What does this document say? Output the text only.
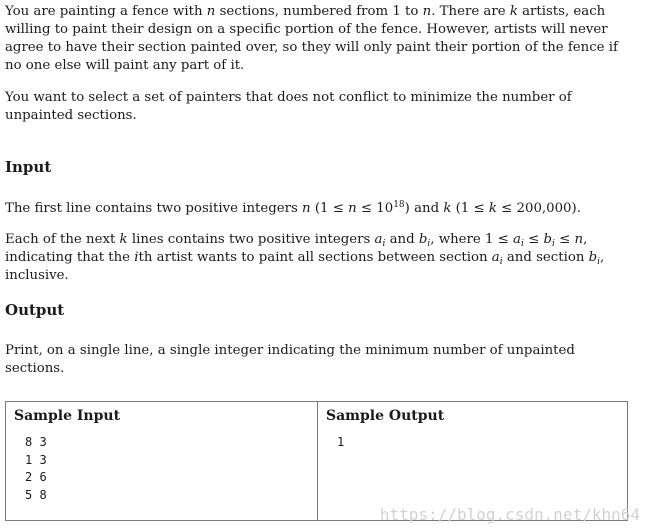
You are painting a fence with n sections, numbered from 1 to n. There are k artists, each willing to paint their design on a specific portion of the fence. However, artists will never agree to have their section painted over, so they will only paint their portion of the fence if no one else will paint any part of it.

You want to select a set of painters that does not conflict to minimize the number of unpainted sections.

Input

The first line contains two positive integers n $(1 \le n \le 10^{18})$ and k (1 ≤ k ≤ 200,000).

Each of the next k lines contains two positive integers $a_i$ and $b_i$, where $1 \le a_i \le b_i \le n$, indicating that the ith artist wants to paint all sections between section $a_i$ and section $b_i$, inclusive.

Output

Print, on a single line, a single integer indicating the minimum number of unpainted sections.

Sample Input
8 3
1 3
2 6
5 8
Sample Output
1
https://blog.csdn.net/khn64
